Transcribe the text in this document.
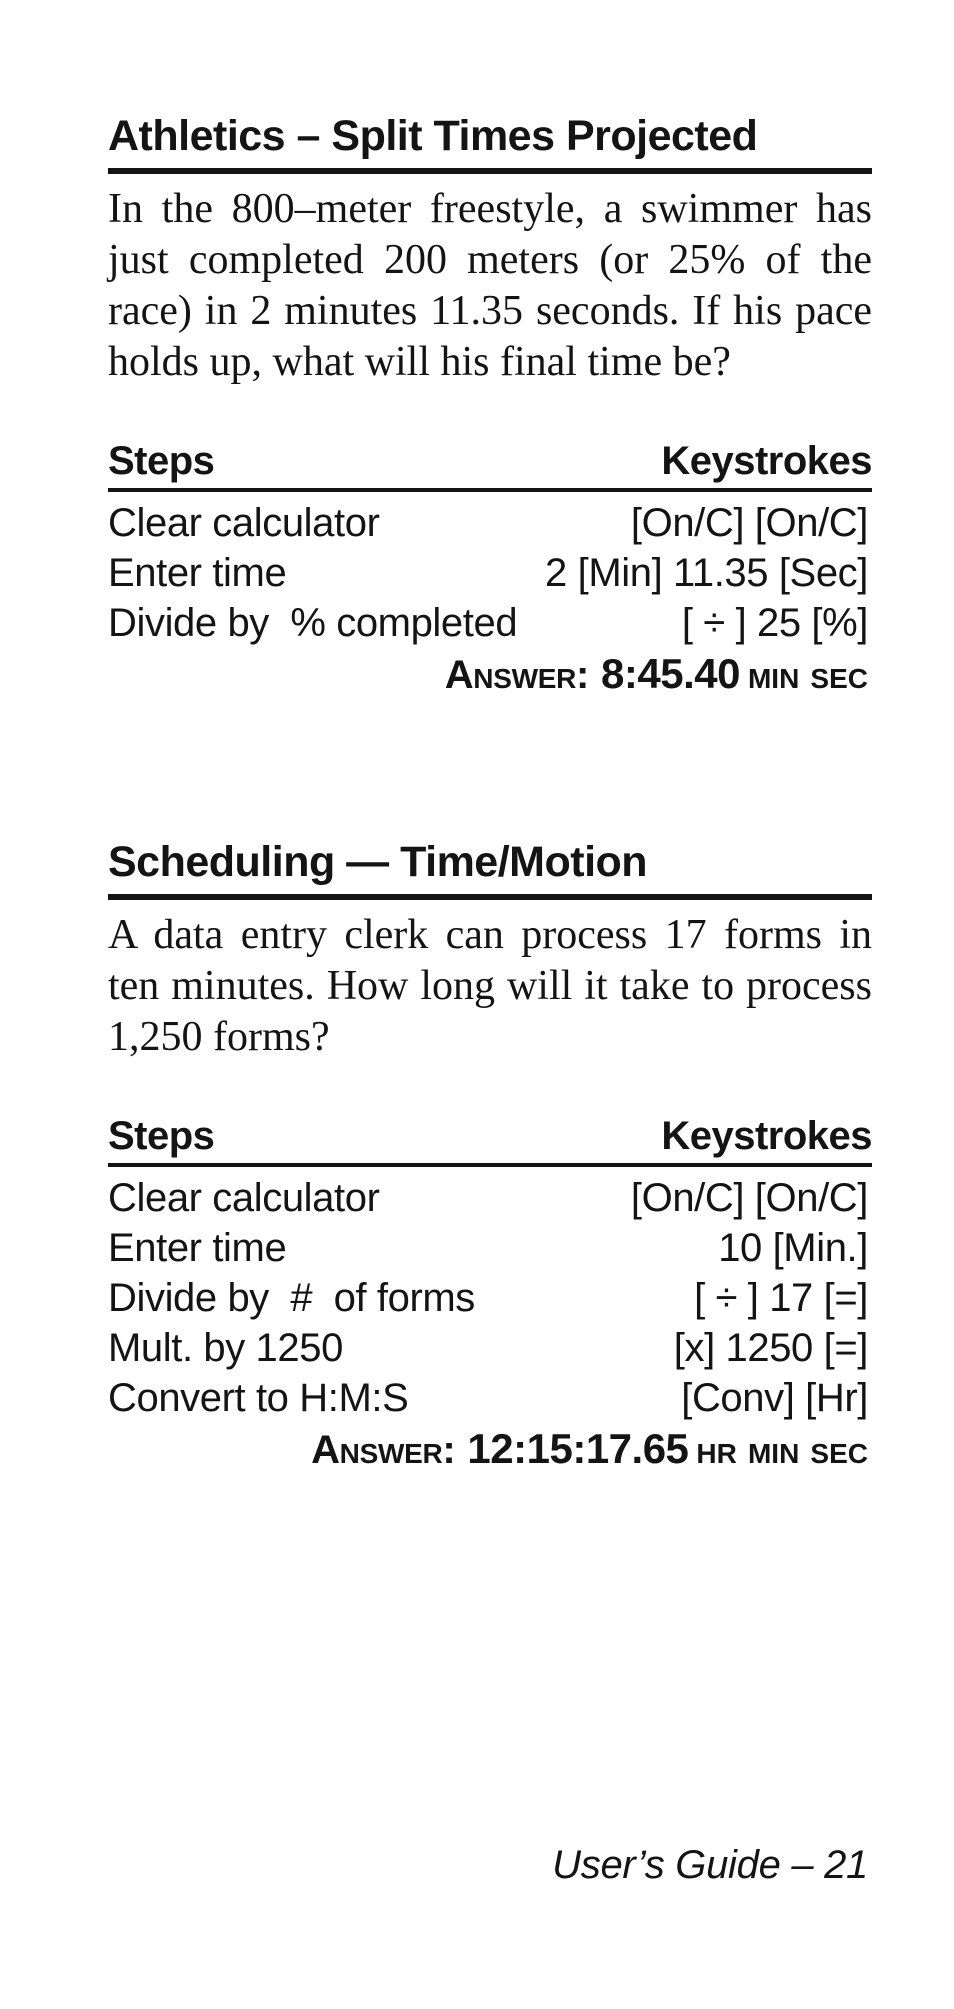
Athletics – Split Times Projected

In the 800–meter freestyle, a swimmer has just completed 200 meters (or 25% of the race) in 2 minutes 11.35 seconds. If his pace holds up, what will his final time be?

Steps	Keystrokes
Clear calculator	[On/C] [On/C]
Enter time	2 [Min] 11.35 [Sec]
Divide by  % completed	[ ÷ ] 25 [%]
Answer: 8:45.40 min sec
Scheduling — Time/Motion

A data entry clerk can process 17 forms in ten minutes. How long will it take to process 1,250 forms?

Steps	Keystrokes
Clear calculator	[On/C] [On/C]
Enter time	10 [Min.]
Divide by  #  of forms	[ ÷ ] 17 [=]
Mult. by 1250	[x] 1250 [=]
Convert to H:M:S	[Conv] [Hr]
Answer: 12:15:17.65 hr min sec
User’s Guide – 21
